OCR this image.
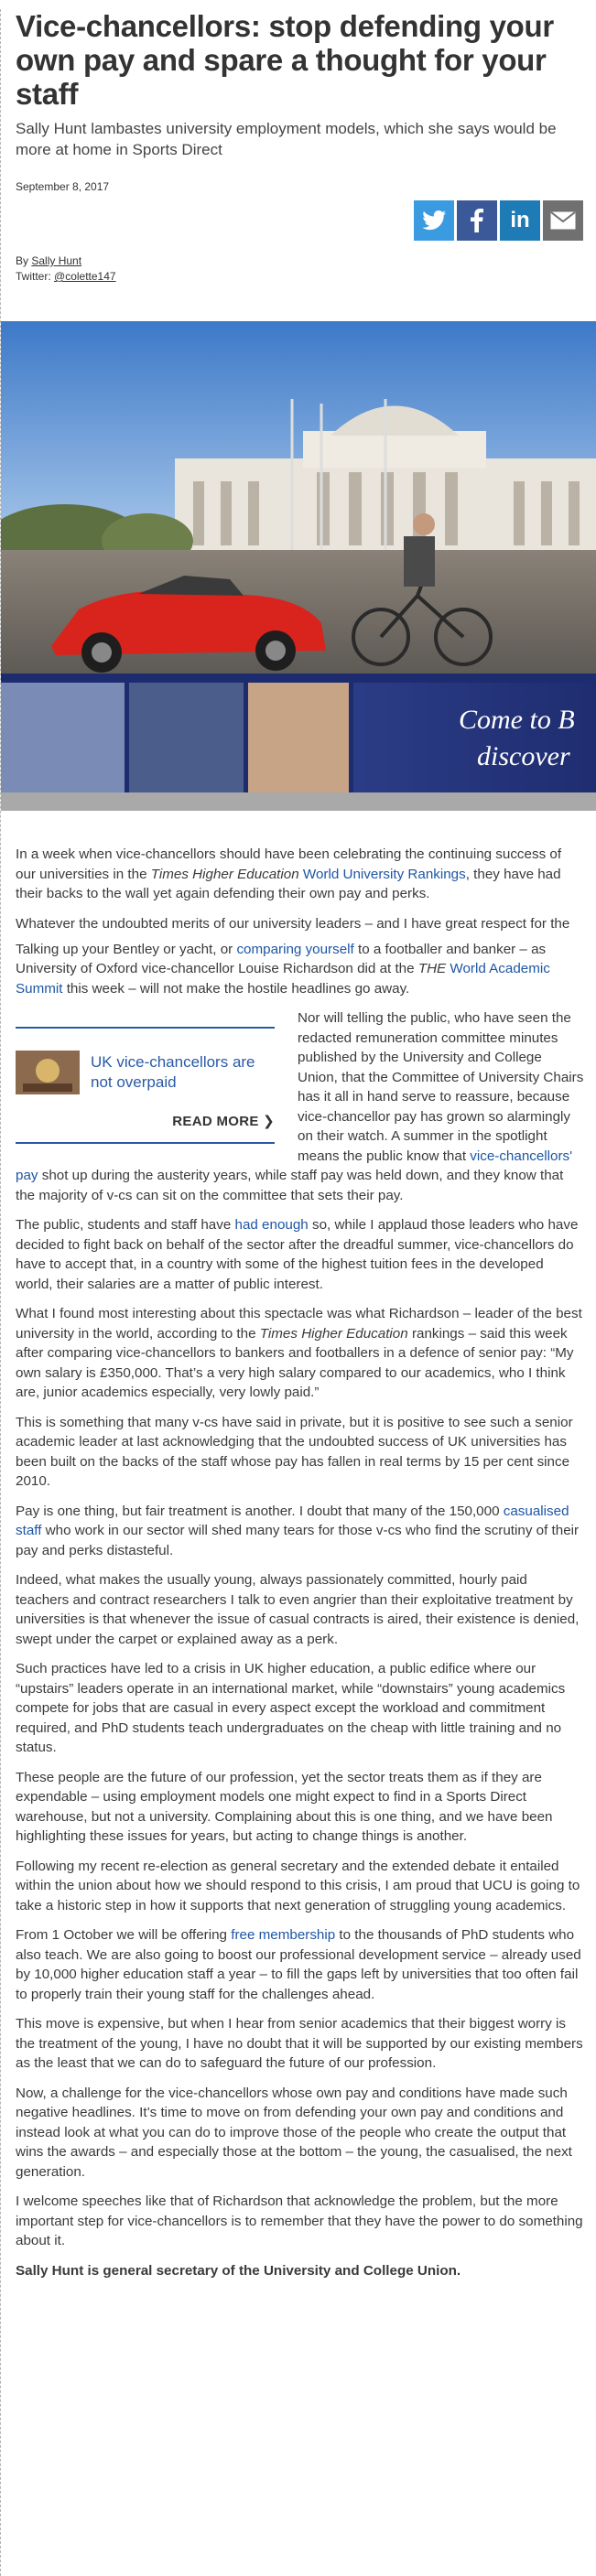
Vice-chancellors: stop defending your own pay and spare a thought for your staff

Sally Hunt lambastes university employment models, which she says would be more at home in Sports Direct

September 8, 2017
in
By Sally Hunt
Twitter: @colette147
Come to B
discover

In a week when vice-chancellors should have been celebrating the continuing success of our universities in the Times Higher Education World University Rankings, they have had their backs to the wall yet again defending their own pay and perks.

Whatever the undoubted merits of our university leaders – and I have great respect for the

Talking up your Bentley or yacht, or comparing yourself to a footballer and banker – as University of Oxford vice-chancellor Louise Richardson did at the THE World Academic Summit this week – will not make the hostile headlines go away.

UK vice-chancellors are not overpaid
READ MORE ❯

Nor will telling the public, who have seen the redacted remuneration committee minutes published by the University and College Union, that the Committee of University Chairs has it all in hand serve to reassure, because vice-chancellor pay has grown so alarmingly on their watch. A summer in the spotlight means the public know that vice-chancellors' pay shot up during the austerity years, while staff pay was held down, and they know that the majority of v-cs can sit on the committee that sets their pay.

The public, students and staff have had enough so, while I applaud those leaders who have decided to fight back on behalf of the sector after the dreadful summer, vice-chancellors do have to accept that, in a country with some of the highest tuition fees in the developed world, their salaries are a matter of public interest.

What I found most interesting about this spectacle was what Richardson – leader of the best university in the world, according to the Times Higher Education rankings – said this week after comparing vice-chancellors to bankers and footballers in a defence of senior pay: “My own salary is £350,000. That’s a very high salary compared to our academics, who I think are, junior academics especially, very lowly paid.”

This is something that many v-cs have said in private, but it is positive to see such a senior academic leader at last acknowledging that the undoubted success of UK universities has been built on the backs of the staff whose pay has fallen in real terms by 15 per cent since 2010.

Pay is one thing, but fair treatment is another. I doubt that many of the 150,000 casualised staff who work in our sector will shed many tears for those v-cs who find the scrutiny of their pay and perks distasteful.

Indeed, what makes the usually young, always passionately committed, hourly paid teachers and contract researchers I talk to even angrier than their exploitative treatment by universities is that whenever the issue of casual contracts is aired, their existence is denied, swept under the carpet or explained away as a perk.

Such practices have led to a crisis in UK higher education, a public edifice where our “upstairs” leaders operate in an international market, while “downstairs” young academics compete for jobs that are casual in every aspect except the workload and commitment required, and PhD students teach undergraduates on the cheap with little training and no status.

These people are the future of our profession, yet the sector treats them as if they are expendable – using employment models one might expect to find in a Sports Direct warehouse, but not a university. Complaining about this is one thing, and we have been highlighting these issues for years, but acting to change things is another.

Following my recent re-election as general secretary and the extended debate it entailed within the union about how we should respond to this crisis, I am proud that UCU is going to take a historic step in how it supports that next generation of struggling young academics.

From 1 October we will be offering free membership to the thousands of PhD students who also teach. We are also going to boost our professional development service – already used by 10,000 higher education staff a year – to fill the gaps left by universities that too often fail to properly train their young staff for the challenges ahead.

This move is expensive, but when I hear from senior academics that their biggest worry is the treatment of the young, I have no doubt that it will be supported by our existing members as the least that we can do to safeguard the future of our profession.

Now, a challenge for the vice-chancellors whose own pay and conditions have made such negative headlines. It’s time to move on from defending your own pay and conditions and instead look at what you can do to improve those of the people who create the output that wins the awards – and especially those at the bottom – the young, the casualised, the next generation.

I welcome speeches like that of Richardson that acknowledge the problem, but the more important step for vice-chancellors is to remember that they have the power to do something about it.

Sally Hunt is general secretary of the University and College Union.
